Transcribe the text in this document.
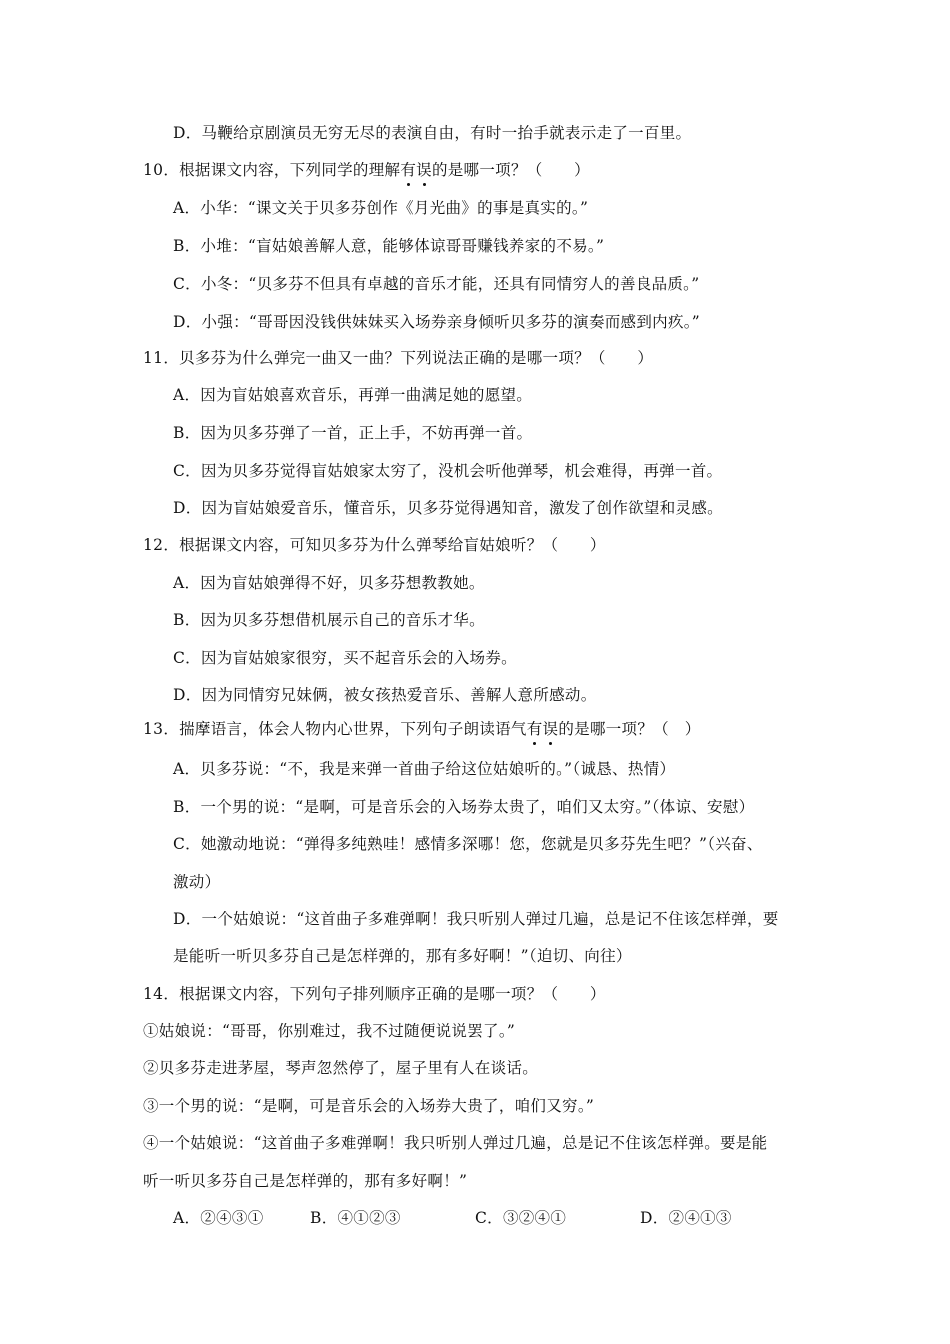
D．马鞭给京剧演员无穷无尽的表演自由，有时一抬手就表示走了一百里。
10．根据课文内容，下列同学的理解有误的是哪一项？（　　）
A．小华：“课文关于贝多芬创作《月光曲》的事是真实的。”
B．小堆：“盲姑娘善解人意，能够体谅哥哥赚钱养家的不易。”
C．小冬：“贝多芬不但具有卓越的音乐才能，还具有同情穷人的善良品质。”
D．小强：“哥哥因没钱供妹妹买入场券亲身倾听贝多芬的演奏而感到内疚。”
11．贝多芬为什么弹完一曲又一曲？下列说法正确的是哪一项？（　　）
A．因为盲姑娘喜欢音乐，再弹一曲满足她的愿望。
B．因为贝多芬弹了一首，正上手，不妨再弹一首。
C．因为贝多芬觉得盲姑娘家太穷了，没机会听他弹琴，机会难得，再弹一首。
D．因为盲姑娘爱音乐，懂音乐，贝多芬觉得遇知音，激发了创作欲望和灵感。
12．根据课文内容，可知贝多芬为什么弹琴给盲姑娘听？（　　）
A．因为盲姑娘弹得不好，贝多芬想教教她。
B．因为贝多芬想借机展示自己的音乐才华。
C．因为盲姑娘家很穷，买不起音乐会的入场券。
D．因为同情穷兄妹俩，被女孩热爱音乐、善解人意所感动。
13．揣摩语言，体会人物内心世界，下列句子朗读语气有误的是哪一项？（　）
A．贝多芬说：“不，我是来弹一首曲子给这位姑娘听的。”（诚恳、热情）
B．一个男的说：“是啊，可是音乐会的入场券太贵了，咱们又太穷。”（体谅、安慰）
C．她激动地说：“弹得多纯熟哇！感情多深哪！您，您就是贝多芬先生吧？”（兴奋、
激动）
D．一个姑娘说：“这首曲子多难弹啊！我只听别人弹过几遍，总是记不住该怎样弹，要
是能听一听贝多芬自己是怎样弹的，那有多好啊！”（迫切、向往）
14．根据课文内容，下列句子排列顺序正确的是哪一项？（　　）
①姑娘说：“哥哥，你别难过，我不过随便说说罢了。”
②贝多芬走进茅屋，琴声忽然停了，屋子里有人在谈话。
③一个男的说：“是啊，可是音乐会的入场券大贵了，咱们又穷。”
④一个姑娘说：“这首曲子多难弹啊！我只听别人弹过几遍，总是记不住该怎样弹。要是能
听一听贝多芬自己是怎样弹的，那有多好啊！”
A．②④③①	B．④①②③	C．③②④①	D．②④①③
